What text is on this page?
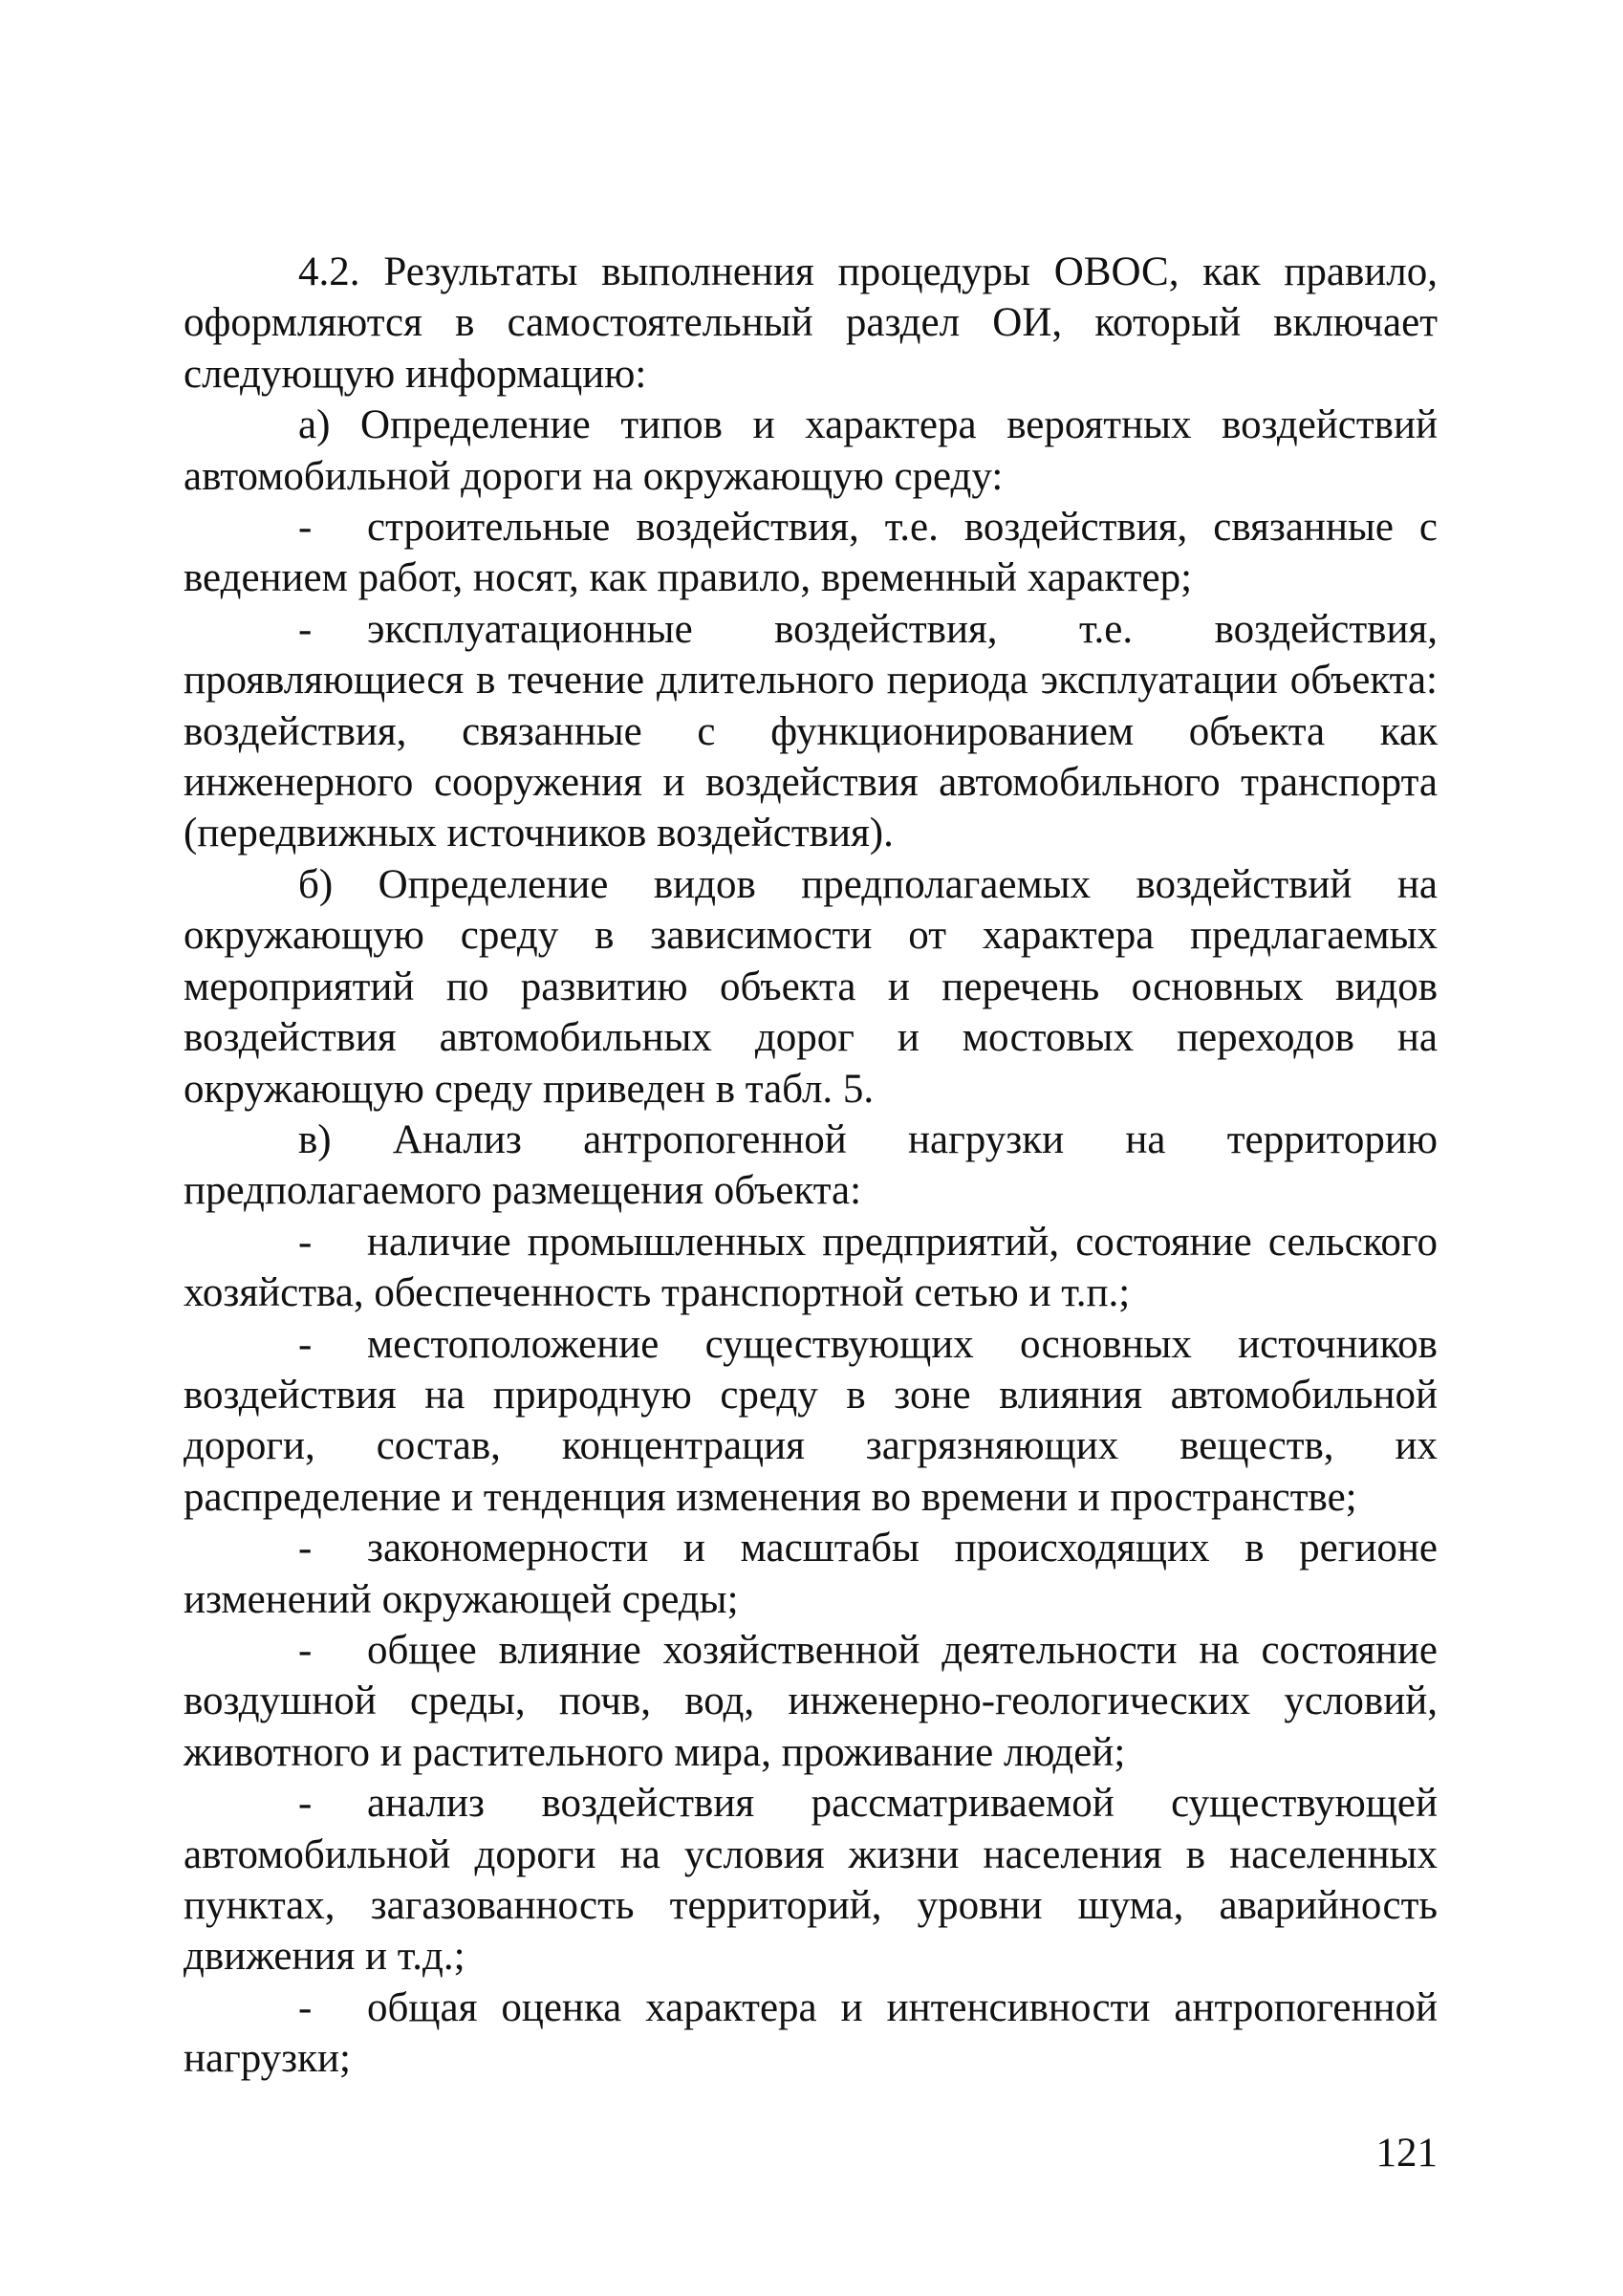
4.2. Результаты выполнения процедуры ОВОС, как правило, оформляются в самостоятельный раздел ОИ, который включает следующую информацию:

а) Определение типов и характера вероятных воздействий автомобильной дороги на окружающую среду:

- строительные воздействия, т.е. воздействия, связанные с ведением работ, носят, как правило, временный характер;

- эксплуатационные воздействия, т.е. воздействия, проявляющиеся в течение длительного периода эксплуатации объекта: воздействия, связанные с функционированием объекта как инженерного сооружения и воздействия автомобильного транспорта (передвижных источников воздействия).

б) Определение видов предполагаемых воздействий на окружающую среду в зависимости от характера предлагаемых мероприятий по развитию объекта и перечень основных видов воздействия автомобильных дорог и мостовых переходов на окружающую среду приведен в табл. 5.

в) Анализ антропогенной нагрузки на территорию предполагаемого размещения объекта:

- наличие промышленных предприятий, состояние сельского хозяйства, обеспеченность транспортной сетью и т.п.;

- местоположение существующих основных источников воздействия на природную среду в зоне влияния автомобильной дороги, состав, концентрация загрязняющих веществ, их распределение и тенденция изменения во времени и пространстве;

- закономерности и масштабы происходящих в регионе изменений окружающей среды;

- общее влияние хозяйственной деятельности на состояние воздушной среды, почв, вод, инженерно-геологических условий, животного и растительного мира, проживание людей;

- анализ воздействия рассматриваемой существующей автомобильной дороги на условия жизни населения в населенных пунктах, загазованность территорий, уровни шума, аварийность движения и т.д.;

- общая оценка характера и интенсивности антропогенной нагрузки;

121
